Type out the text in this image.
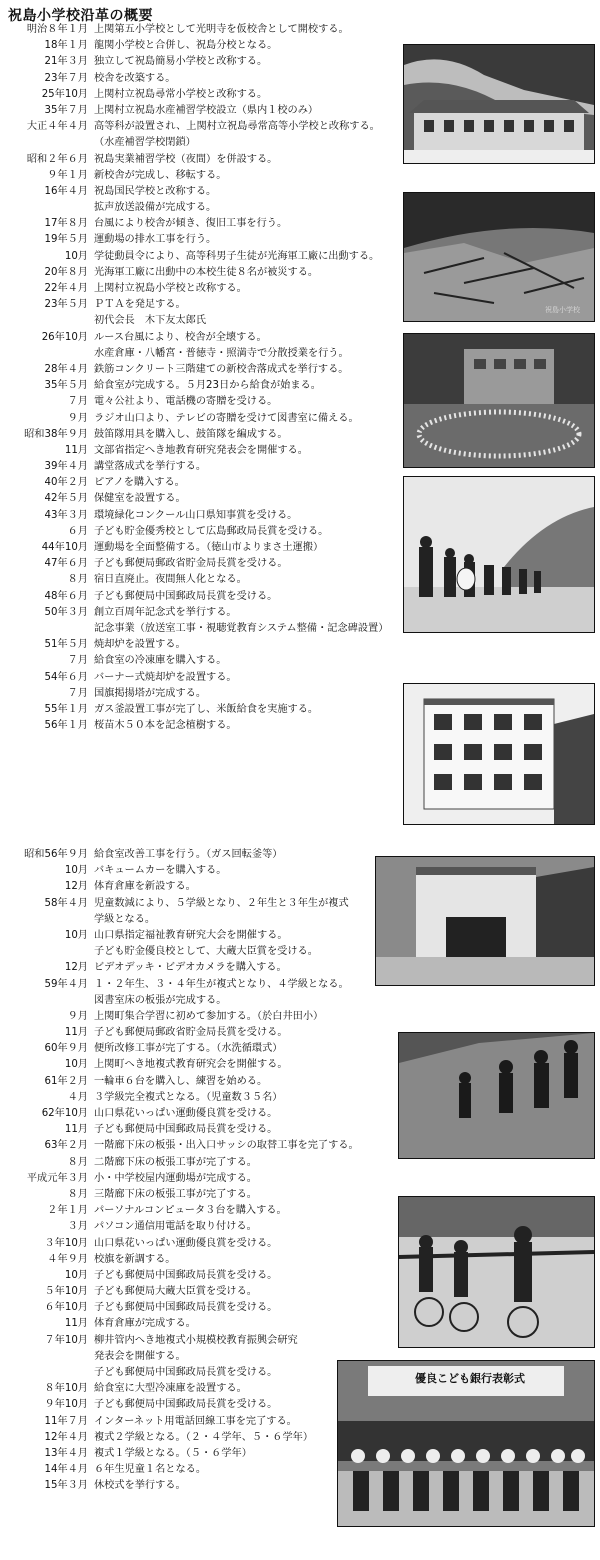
祝島小学校沿革の概要
明治８年１月 上関第五小学校として光明寺を仮校舎として開校する。
18年１月 龍関小学校と合併し、祝島分校となる。
21年３月 独立して祝島簡易小学校と改称する。
23年７月 校舎を改築する。
25年10月 上関村立祝島尋常小学校と改称する。
35年７月 上関村立祝島水産補習学校設立（県内１校のみ）
大正４年４月 高等科が設置され、上関村立祝島尋常高等小学校と改称する。
（水産補習学校閉鎖）
昭和２年６月 祝島実業補習学校（夜間）を併設する。
９年１月 新校舎が完成し、移転する。
16年４月 祝島国民学校と改称する。
拡声放送設備が完成する。
17年８月 台風により校舎が傾き、復旧工事を行う。
19年５月 運動場の排水工事を行う。
10月 学徒動員令により、高等科男子生徒が光海軍工廠に出動する。
20年８月 光海軍工廠に出動中の本校生徒８名が被災する。
22年４月 上関村立祝島小学校と改称する。
23年５月 ＰＴＡを発足する。
初代会長　木下友太郎氏
26年10月 ルース台風により、校舎が全壊する。
水産倉庫・八幡宮・普徳寺・照満寺で分散授業を行う。
28年４月 鉄筋コンクリート三階建ての新校舎落成式を挙行する。
35年５月 給食室が完成する。５月23日から給食が始まる。
７月 電々公社より、電話機の寄贈を受ける。
９月 ラジオ山口より、テレビの寄贈を受けて図書室に備える。
昭和38年９月 鼓笛隊用具を購入し、鼓笛隊を編成する。
11月 文部省指定へき地教育研究発表会を開催する。
39年４月 講堂落成式を挙行する。
40年２月 ピアノを購入する。
42年５月 保健室を設置する。
43年３月 環境緑化コンクール山口県知事賞を受ける。
６月 子ども貯金優秀校として広島郵政局長賞を受ける。
44年10月 運動場を全面整備する。（徳山市よりまさ土運搬）
47年６月 子ども郵便局郵政省貯金局長賞を受ける。
８月 宿日直廃止。夜間無人化となる。
48年６月 子ども郵便局中国郵政局長賞を受ける。
50年３月 創立百周年記念式を挙行する。
記念事業（放送室工事・視聴覚教育システム整備・記念碑設置）
51年５月 焼却炉を設置する。
７月 給食室の冷凍庫を購入する。
54年６月 バーナー式焼却炉を設置する。
７月 国旗掲揚塔が完成する。
55年１月 ガス釜設置工事が完了し、米飯給食を実施する。
56年１月 桜苗木５０本を記念植樹する。
昭和56年９月 給食室改善工事を行う。（ガス回転釜等）
10月 バキュームカーを購入する。
12月 体育倉庫を新設する。
58年４月 児童数減により、５学級となり、２年生と３年生が複式
学級となる。
10月 山口県指定福祉教育研究大会を開催する。
子ども貯金優良校として、大蔵大臣賞を受ける。
12月 ビデオデッキ・ビデオカメラを購入する。
59年４月 １・２年生、３・４年生が複式となり、４学級となる。
図書室床の板張が完成する。
９月 上関町集合学習に初めて参加する。（於白井田小）
11月 子ども郵便局郵政省貯金局長賞を受ける。
60年９月 便所改修工事が完了する。（水洗循環式）
10月 上関町へき地複式教育研究会を開催する。
61年２月 一輪車６台を購入し、練習を始める。
４月 ３学級完全複式となる。（児童数３５名）
62年10月 山口県花いっぱい運動優良賞を受ける。
11月 子ども郵便局中国郵政局長賞を受ける。
63年２月 一階廊下床の板張・出入口サッシの取替工事を完了する。
８月 二階廊下床の板張工事が完了する。
平成元年３月 小・中学校屋内運動場が完成する。
８月 三階廊下床の板張工事が完了する。
２年１月 パーソナルコンピュータ３台を購入する。
３月 パソコン通信用電話を取り付ける。
３年10月 山口県花いっぱい運動優良賞を受ける。
４年９月 校旗を新調する。
10月 子ども郵便局中国郵政局長賞を受ける。
５年10月 子ども郵便局大蔵大臣賞を受ける。
６年10月 子ども郵便局中国郵政局長賞を受ける。
11月 体育倉庫が完成する。
７年10月 柳井管内へき地複式小規模校教育振興会研究
発表会を開催する。
子ども郵便局中国郵政局長賞を受ける。
８年10月 給食室に大型冷凍庫を設置する。
９年10月 子ども郵便局中国郵政局長賞を受ける。
11年７月 インターネット用電話回線工事を完了する。
12年４月 複式２学級となる。（２・４学年、５・６学年）
13年４月 複式１学級となる。（５・６学年）
14年４月 ６年生児童１名となる。
15年３月 休校式を挙行する。
祝島小学校
優良こども銀行表彰式
